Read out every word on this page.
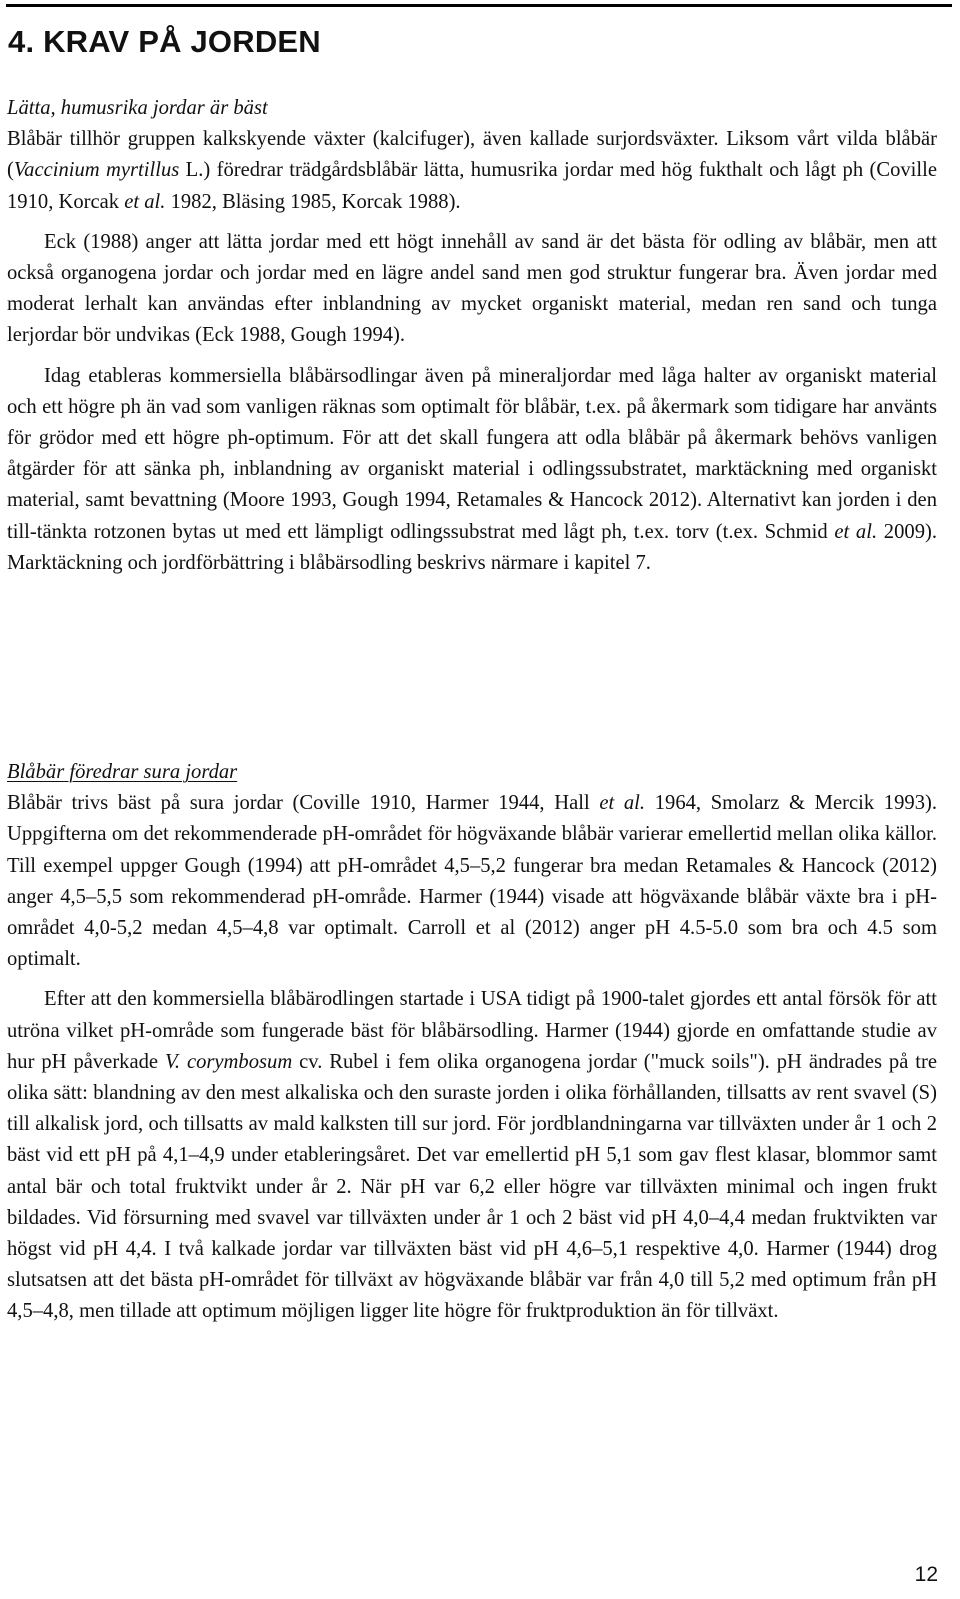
4. KRAV PÅ JORDEN

Lätta, humusrika jordar är bäst

Blåbär tillhör gruppen kalkskyende växter (kalcifuger), även kallade surjordsväxter. Liksom vårt vilda blåbär (Vaccinium myrtillus L.) föredrar trädgårdsblåbär lätta, humusrika jordar med hög fukthalt och lågt ph (Coville 1910, Korcak et al. 1982, Bläsing 1985, Korcak 1988).

Eck (1988) anger att lätta jordar med ett högt innehåll av sand är det bästa för odling av blåbär, men att också organogena jordar och jordar med en lägre andel sand men god struktur fungerar bra. Även jordar med moderat lerhalt kan användas efter inblandning av mycket organiskt material, medan ren sand och tunga lerjordar bör undvikas (Eck 1988, Gough 1994).

Idag etableras kommersiella blåbärsodlingar även på mineraljordar med låga halter av organiskt material och ett högre ph än vad som vanligen räknas som optimalt för blåbär, t.ex. på åkermark som tidigare har använts för grödor med ett högre ph-optimum. För att det skall fungera att odla blåbär på åkermark behövs vanligen åtgärder för att sänka ph, inblandning av organiskt material i odlingssubstratet, marktäckning med organiskt material, samt bevattning (Moore 1993, Gough 1994, Retamales & Hancock 2012). Alternativt kan jorden i den till-tänkta rotzonen bytas ut med ett lämpligt odlingssubstrat med lågt ph, t.ex. torv (t.ex. Schmid et al. 2009). Marktäckning och jordförbättring i blåbärsodling beskrivs närmare i kapitel 7.

Blåbär föredrar sura jordar

Blåbär trivs bäst på sura jordar (Coville 1910, Harmer 1944, Hall et al. 1964, Smolarz & Mercik 1993). Uppgifterna om det rekommenderade pH-området för högväxande blåbär varierar emellertid mellan olika källor. Till exempel uppger Gough (1994) att pH-området 4,5–5,2 fungerar bra medan Retamales & Hancock (2012) anger 4,5–5,5 som rekommenderad pH-område. Harmer (1944) visade att högväxande blåbär växte bra i pH-området 4,0-5,2 medan 4,5–4,8 var optimalt. Carroll et al (2012) anger pH 4.5-5.0 som bra och 4.5 som optimalt.

Efter att den kommersiella blåbärodlingen startade i USA tidigt på 1900-talet gjordes ett antal försök för att utröna vilket pH-område som fungerade bäst för blåbärsodling. Harmer (1944) gjorde en omfattande studie av hur pH påverkade V. corymbosum cv. Rubel i fem olika organogena jordar ("muck soils"). pH ändrades på tre olika sätt: blandning av den mest alkaliska och den suraste jorden i olika förhållanden, tillsatts av rent svavel (S) till alkalisk jord, och tillsatts av mald kalksten till sur jord. För jordblandningarna var tillväxten under år 1 och 2 bäst vid ett pH på 4,1–4,9 under etableringsåret. Det var emellertid pH 5,1 som gav flest klasar, blommor samt antal bär och total fruktvikt under år 2. När pH var 6,2 eller högre var tillväxten minimal och ingen frukt bildades. Vid försurning med svavel var tillväxten under år 1 och 2 bäst vid pH 4,0–4,4 medan fruktvikten var högst vid pH 4,4. I två kalkade jordar var tillväxten bäst vid pH 4,6–5,1 respektive 4,0. Harmer (1944) drog slutsatsen att det bästa pH-området för tillväxt av högväxande blåbär var från 4,0 till 5,2 med optimum från pH 4,5–4,8, men tillade att optimum möjligen ligger lite högre för fruktproduktion än för tillväxt.

12
